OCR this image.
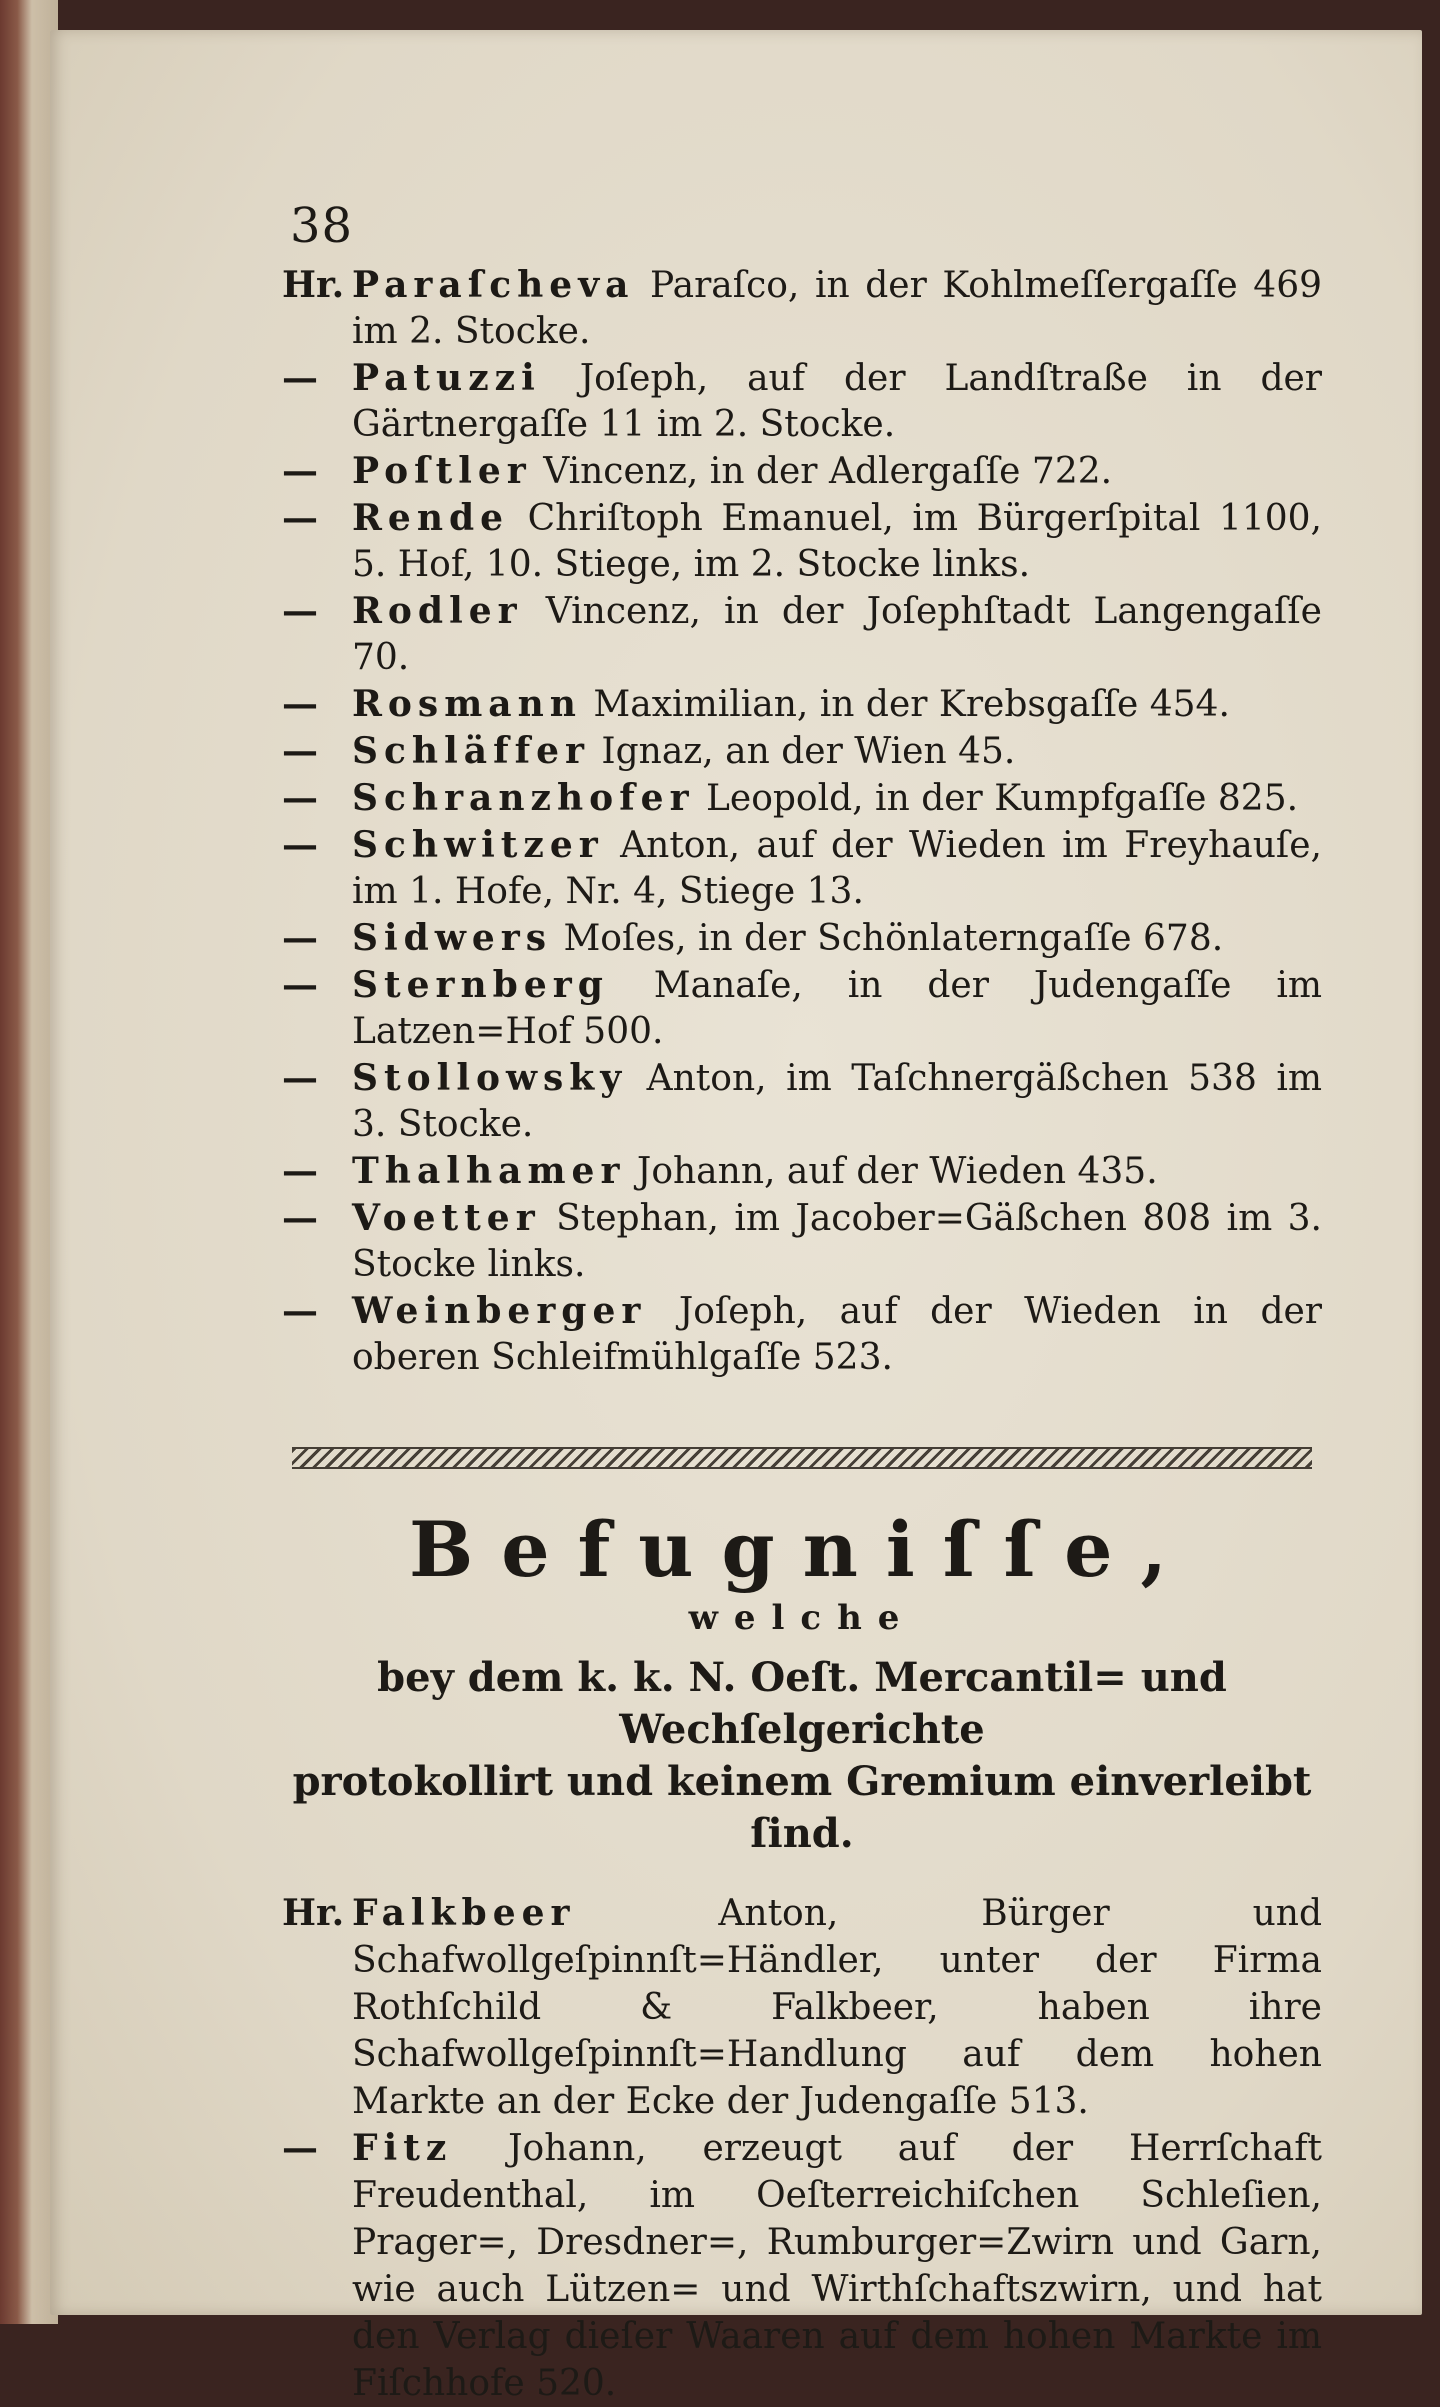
38

Hr. Paraſcheva Paraſco, in der Kohlmeſſergaſſe 469 im 2. Stocke.

— Patuzzi Joſeph, auf der Landſtraße in der Gärtnergaſſe 11 im 2. Stocke.

— Poſtler Vincenz, in der Adlergaſſe 722.

— Rende Chriſtoph Emanuel, im Bürgerſpital 1100, 5. Hof, 10. Stiege, im 2. Stocke links.

— Rodler Vincenz, in der Joſephſtadt Langengaſſe 70.

— Rosmann Maximilian, in der Krebsgaſſe 454.

— Schläffer Ignaz, an der Wien 45.

— Schranzhofer Leopold, in der Kumpfgaſſe 825.

— Schwitzer Anton, auf der Wieden im Freyhauſe, im 1. Hofe, Nr. 4, Stiege 13.

— Sidwers Moſes, in der Schönlaterngaſſe 678.

— Sternberg Manaſe, in der Judengaſſe im Latzen=Hof 500.

— Stollowsky Anton, im Taſchnergäßchen 538 im 3. Stocke.

— Thalhamer Johann, auf der Wieden 435.

— Voetter Stephan, im Jacober=Gäßchen 808 im 3. Stocke links.

— Weinberger Joſeph, auf der Wieden in der oberen Schleifmühlgaſſe 523.

Befugniſſe,
welche
bey dem k. k. N. Oeſt. Mercantil= und Wechſelgerichte
protokollirt und keinem Gremium einverleibt ſind.

Hr. Falkbeer	Anton, Bürger und Schafwollgeſpinnſt=Händler, unter der Firma Rothſchild & Falkbeer, haben ihre Schafwollgeſpinnſt=Handlung auf dem hohen Markte an der Ecke der Judengaſſe 513.

— Fitz Johann, erzeugt auf der Herrſchaft Freudenthal, im Oeſterreichiſchen Schleſien, Prager=, Dresdner=, Rumburger=Zwirn und Garn, wie auch Lützen= und Wirthſchaftszwirn, und hat den Verlag dieſer Waaren auf dem hohen Markte im Fiſchhofe 520.
